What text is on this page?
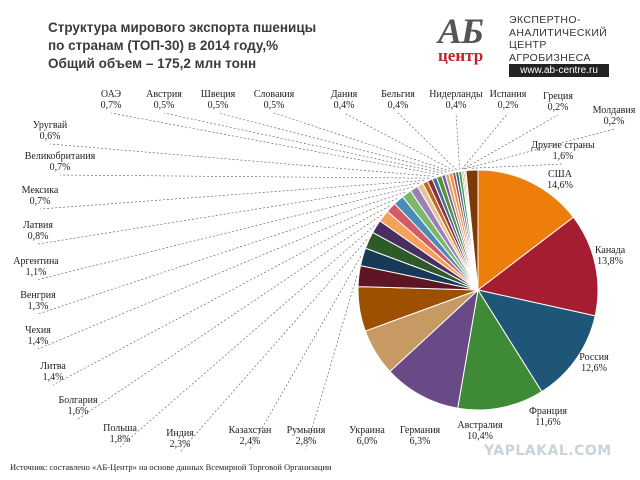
Структура мирового экспорта пшеницы
по странам (ТОП-30) в 2014 году,%
Общий объем – 175,2 млн тонн
АБ
центр
ЭКСПЕРТНО-
АНАЛИТИЧЕСКИЙ
ЦЕНТР
АГРОБИЗНЕСА
www.ab-centre.ru
США
14,6%
Канада
13,8%
Россия
12,6%
Франция
11,6%
Австралия
10,4%
Германия
6,3%
Украина
6,0%
Румыния
2,8%
Казахстан
2,4%
Индия
2,3%
Польша
1,8%
Болгария
1,6%
Литва
1,4%
Чехия
1,4%
Венгрия
1,3%
Аргентина
1,1%
Латвия
0,8%
Мексика
0,7%
Великобритания
0,7%
Уругвай
0,6%
ОАЭ
0,7%
Австрия
0,5%
Швеция
0,5%
Словакия
0,5%
Дания
0,4%
Бельгия
0,4%
Нидерланды
0,4%
Испания
0,2%
Греция
0,2% Молдавия
0,2%
Другие страны
1,6%
YAPLAKAL.COM
Источник: составлено «АБ-Центр» на основе данных Всемирной Торговой Организации
